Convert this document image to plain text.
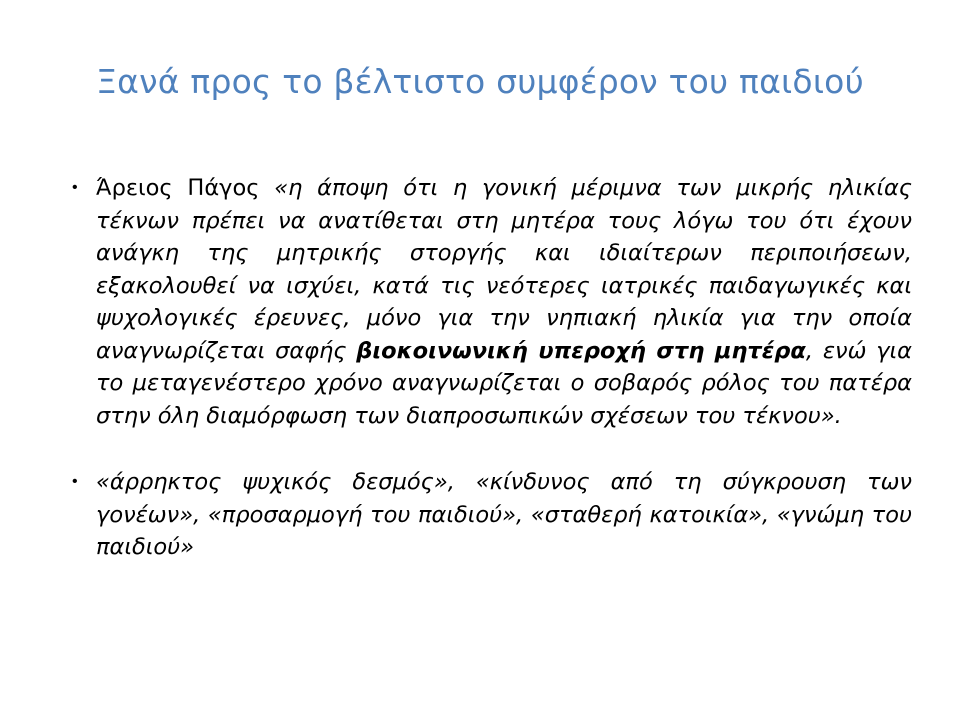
Ξανά προς το βέλτιστο συμφέρον του παιδιού
• Άρειος Πάγος «η άποψη ότι η γονική μέριμνα των μικρής ηλικίας τέκνων πρέπει να ανατίθεται στη μητέρα τους λόγω του ότι έχουν ανάγκη της μητρικής στοργής και ιδιαίτερων περιποιήσεων, εξακολουθεί να ισχύει, κατά τις νεότερες ιατρικές παιδαγωγικές και ψυχολογικές έρευνες, μόνο για την νηπιακή ηλικία για την οποία αναγνωρίζεται σαφής βιοκοινωνική υπεροχή στη μητέρα, ενώ για το μεταγενέστερο χρόνο αναγνωρίζεται ο σοβαρός ρόλος του πατέρα στην όλη διαμόρφωση των διαπροσωπικών σχέσεων του τέκνου».
• «άρρηκτος ψυχικός δεσμός», «κίνδυνος από τη σύγκρουση των γονέων», «προσαρμογή του παιδιού», «σταθερή κατοικία», «γνώμη του παιδιού»
